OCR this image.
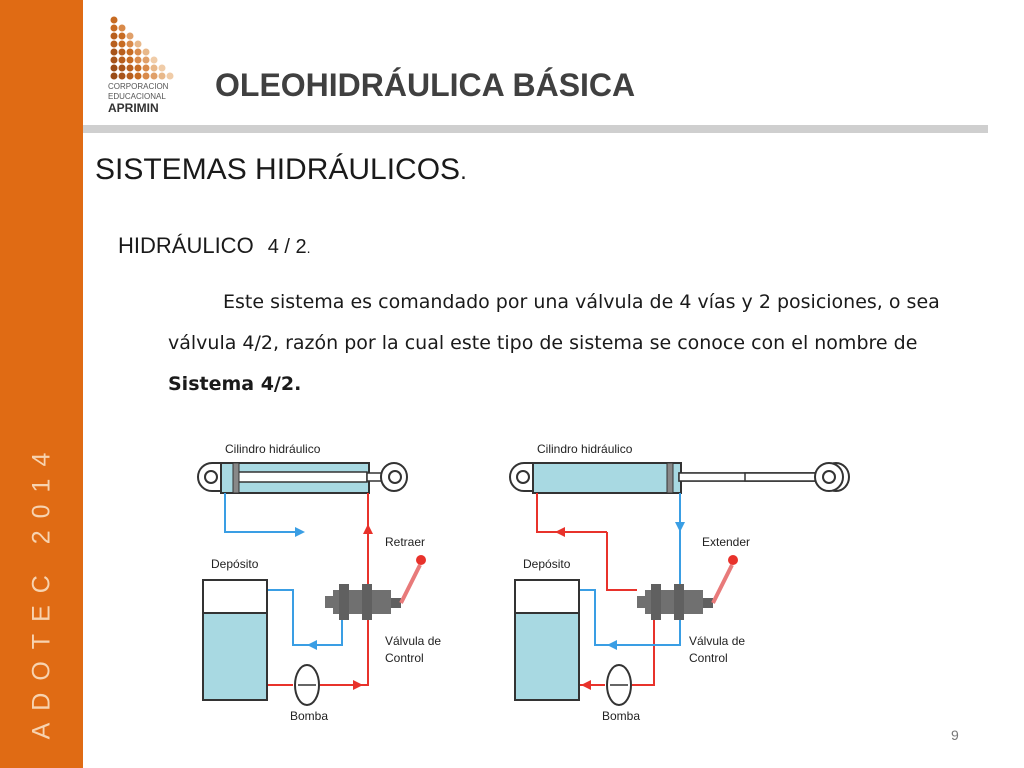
ADOTEC 2014
CORPORACION
EDUCACIONAL
APRIMIN
OLEOHIDRÁULICA BÁSICA
SISTEMAS HIDRÁULICOS.
HIDRÁULICO 4 / 2.
Este sistema es comandado por una válvula de 4 vías y 2 posiciones, o sea válvula 4/2, razón por la cual este tipo de sistema se conoce con el nombre de Sistema 4/2.
Cilindro hidráulico
Retraer
Válvula de
Control
Depósito
Bomba
Cilindro hidráulico
Extender
Válvula de
Control
Depósito
Bomba
9
